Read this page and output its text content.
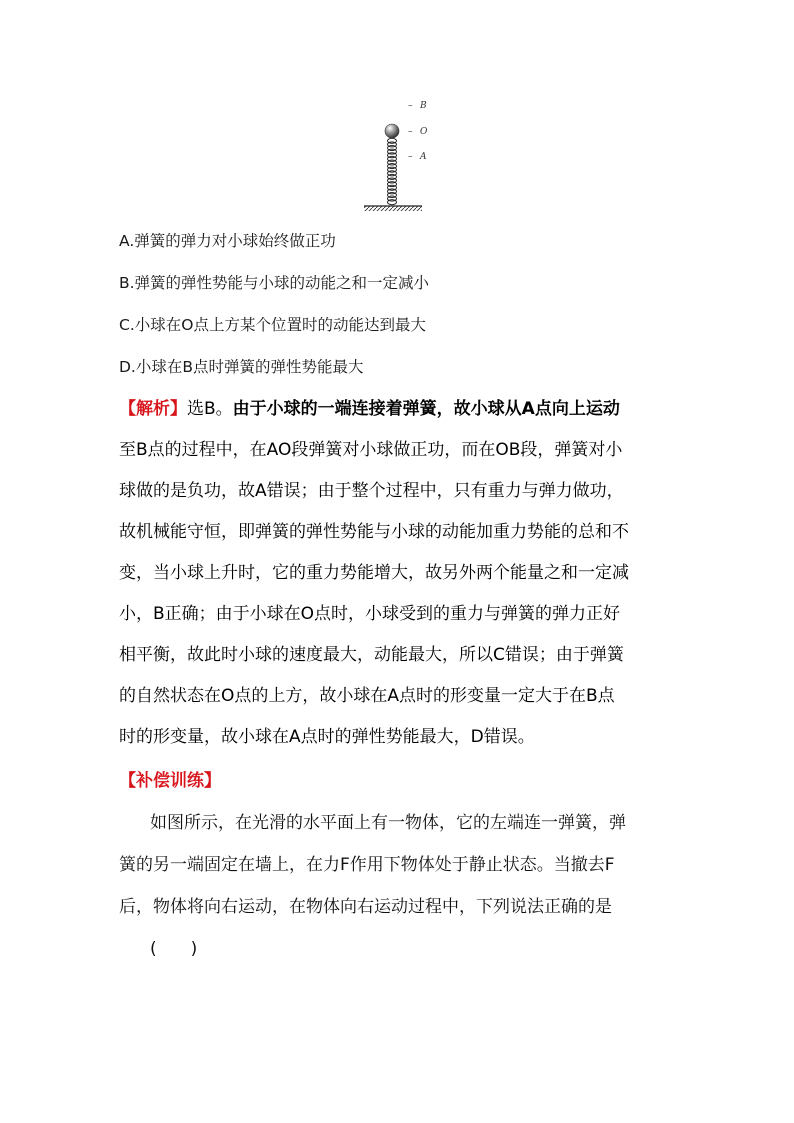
– B
– O
– A
A.弹簧的弹力对小球始终做正功
B.弹簧的弹性势能与小球的动能之和一定减小
C.小球在O点上方某个位置时的动能达到最大
D.小球在B点时弹簧的弹性势能最大
【解析】选B。由于小球的一端连接着弹簧，故小球从A点向上运动
至B点的过程中，在AO段弹簧对小球做正功，而在OB段，弹簧对小
球做的是负功，故A错误；由于整个过程中，只有重力与弹力做功，
故机械能守恒，即弹簧的弹性势能与小球的动能加重力势能的总和不
变，当小球上升时，它的重力势能增大，故另外两个能量之和一定减
小，B正确；由于小球在O点时，小球受到的重力与弹簧的弹力正好
相平衡，故此时小球的速度最大，动能最大，所以C错误；由于弹簧
的自然状态在O点的上方，故小球在A点时的形变量一定大于在B点
时的形变量，故小球在A点时的弹性势能最大，D错误。
【补偿训练】
如图所示，在光滑的水平面上有一物体，它的左端连一弹簧，弹
簧的另一端固定在墙上，在力F作用下物体处于静止状态。当撤去F
后，物体将向右运动，在物体向右运动过程中，下列说法正确的是
(　　)
